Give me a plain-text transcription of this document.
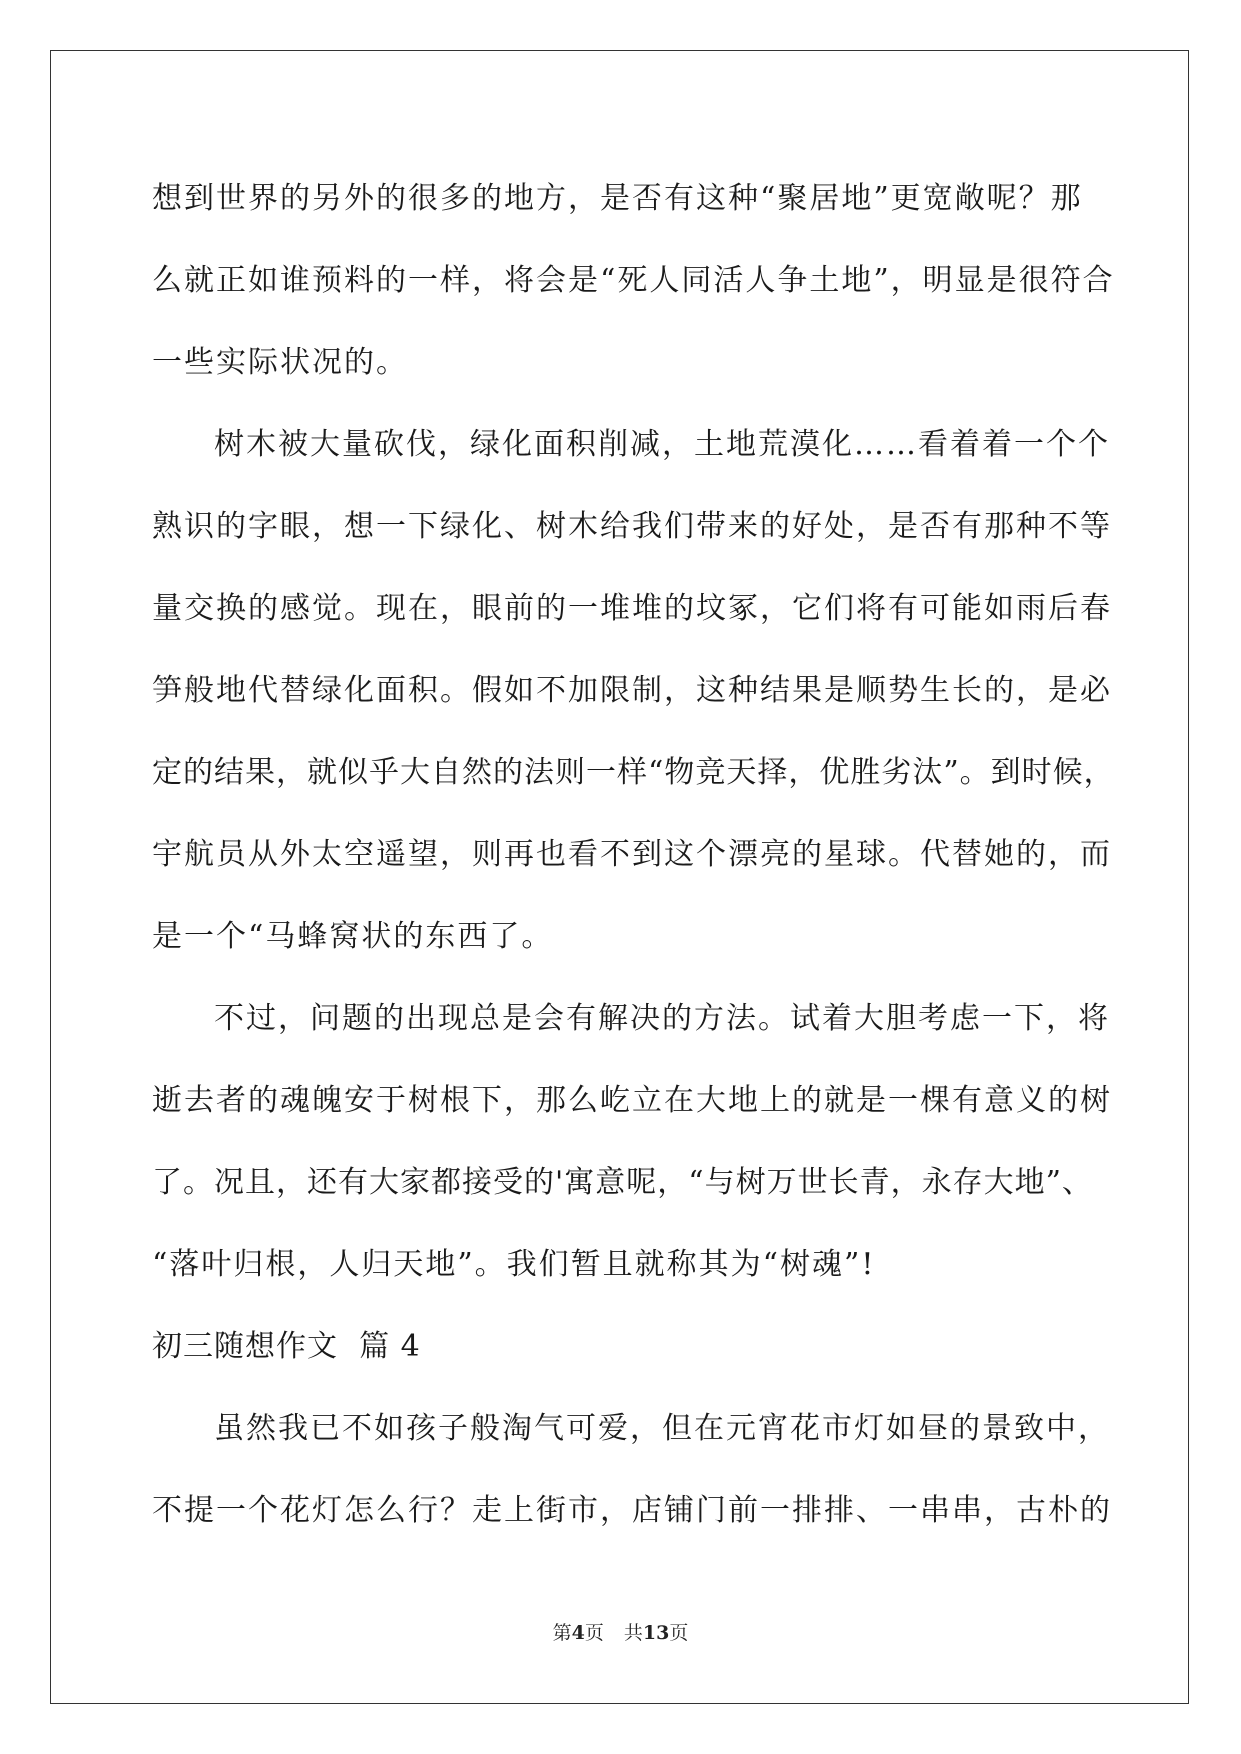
想到世界的另外的很多的地方，是否有这种“聚居地”更宽敞呢？那
么就正如谁预料的一样，将会是“死人同活人争土地”，明显是很符合
一些实际状况的。
树木被大量砍伐，绿化面积削减，土地荒漠化……看着着一个个
熟识的字眼，想一下绿化、树木给我们带来的好处，是否有那种不等
量交换的感觉。现在，眼前的一堆堆的坟冢，它们将有可能如雨后春
笋般地代替绿化面积。假如不加限制，这种结果是顺势生长的，是必
定的结果，就似乎大自然的法则一样“物竞天择，优胜劣汰”。到时候，
宇航员从外太空遥望，则再也看不到这个漂亮的星球。代替她的，而
是一个“马蜂窝状的东西了。
不过，问题的出现总是会有解决的方法。试着大胆考虑一下，将
逝去者的魂魄安于树根下，那么屹立在大地上的就是一棵有意义的树
了。况且，还有大家都接受的'寓意呢，“与树万世长青，永存大地”、
“落叶归根，人归天地”。我们暂且就称其为“树魂”!
初三随想作文  篇 4
虽然我已不如孩子般淘气可爱，但在元宵花市灯如昼的景致中，
不提一个花灯怎么行？走上街市，店铺门前一排排、一串串，古朴的
第4页 共13页
